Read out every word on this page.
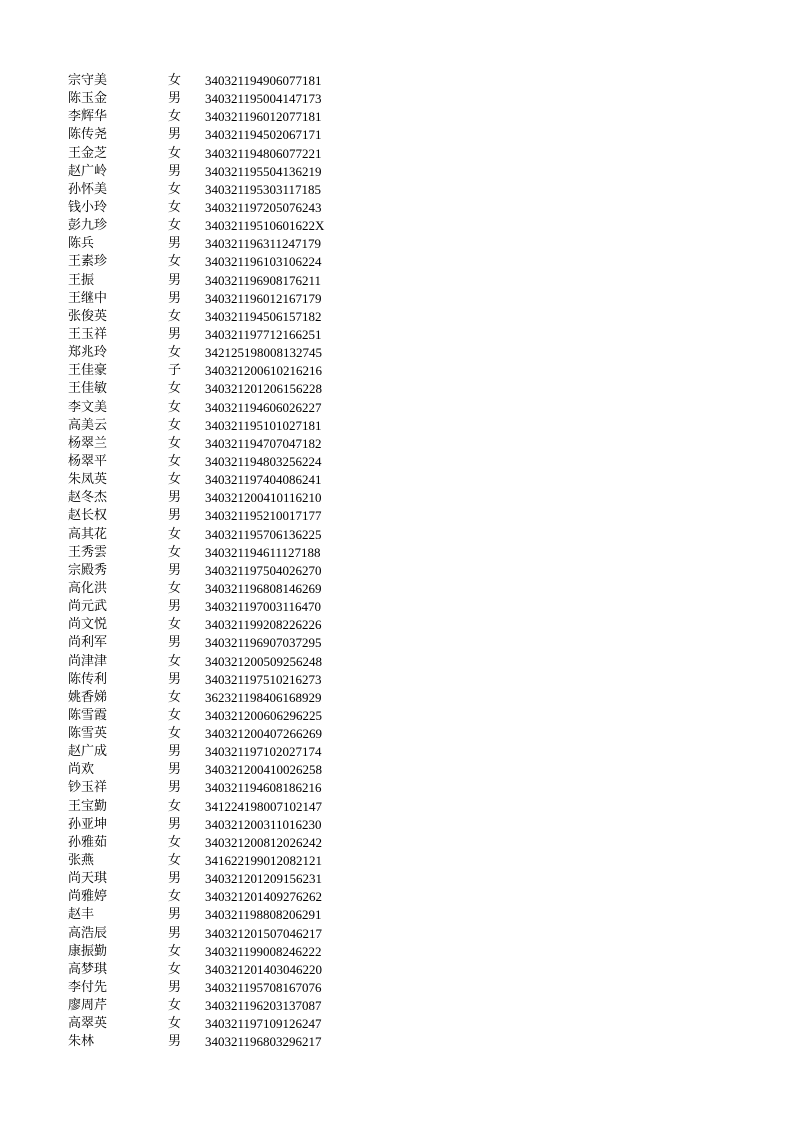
宗守美	女 340321194906077181
陈玉金	男 340321195004147173
李辉华	女 340321196012077181
陈传尧	男 340321194502067171
王金芝	女 340321194806077221
赵广岭	男 340321195504136219
孙怀美	女 340321195303117185
钱小玲	女 340321197205076243
彭九珍	女 34032119510601622X
陈兵	男 340321196311247179
王素珍	女 340321196103106224
王振	男 340321196908176211
王继中	男 340321196012167179
张俊英	女 340321194506157182
王玉祥	男 340321197712166251
郑兆玲	女 342125198008132745
王佳豪	子 340321200610216216
王佳敏	女 340321201206156228
李文美	女 340321194606026227
高美云	女 340321195101027181
杨翠兰	女 340321194707047182
杨翠平	女 340321194803256224
朱凤英	女 340321197404086241
赵冬杰	男 340321200410116210
赵长权	男 340321195210017177
高其花	女 340321195706136225
王秀雲	女 340321194611127188
宗殿秀	男 340321197504026270
高化洪	女 340321196808146269
尚元武	男 340321197003116470
尚文悦	女 340321199208226226
尚利军	男 340321196907037295
尚津津	女 340321200509256248
陈传利	男 340321197510216273
姚香娣	女 362321198406168929
陈雪霞	女 340321200606296225
陈雪英	女 340321200407266269
赵广成	男 340321197102027174
尚欢	男 340321200410026258
钞玉祥	男 340321194608186216
王宝勤	女 341224198007102147
孙亚坤	男 340321200311016230
孙雅茹	女 340321200812026242
张燕	女 341622199012082121
尚天琪	男 340321201209156231
尚雅婷	女 340321201409276262
赵丰	男 340321198808206291
高浩辰	男 340321201507046217
康振勤	女 340321199008246222
高梦琪	女 340321201403046220
李付先	男 340321195708167076
廖周芹	女 340321196203137087
高翠英	女 340321197109126247
朱林	男 340321196803296217
